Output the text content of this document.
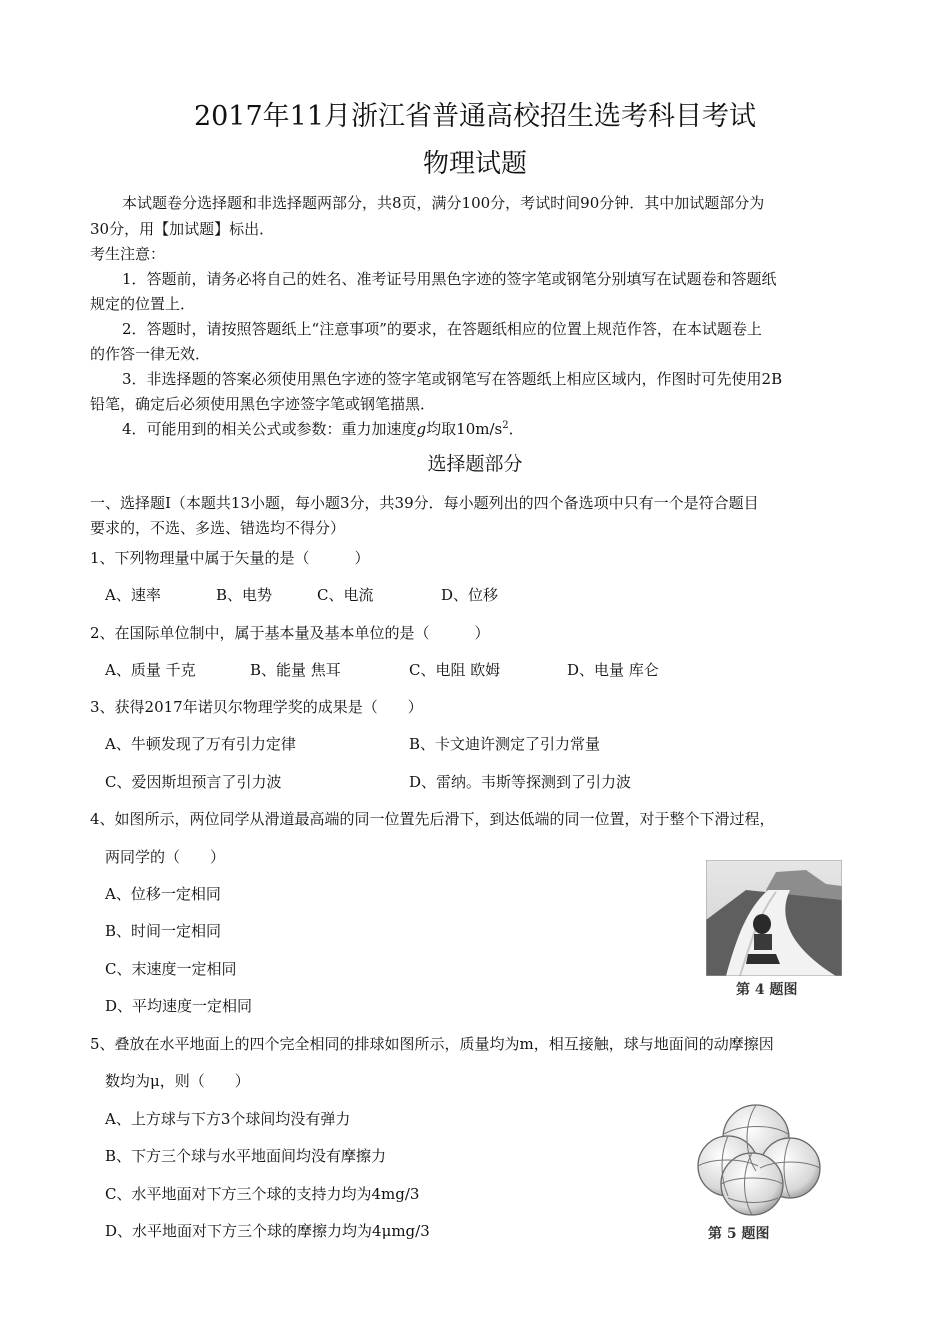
2017年11月浙江省普通高校招生选考科目考试
物理试题
本试题卷分选择题和非选择题两部分，共8页，满分100分，考试时间90分钟．其中加试题部分为
30分，用【加试题】标出．
考生注意：
1．答题前，请务必将自己的姓名、准考证号用黑色字迹的签字笔或钢笔分别填写在试题卷和答题纸
规定的位置上．
2．答题时，请按照答题纸上“注意事项”的要求，在答题纸相应的位置上规范作答，在本试题卷上
的作答一律无效．
3．非选择题的答案必须使用黑色字迹的签字笔或钢笔写在答题纸上相应区域内，作图时可先使用2B
铅笔，确定后必须使用黑色字迹签字笔或钢笔描黑．
4．可能用到的相关公式或参数：重力加速度g均取$10m/s^2$．
选择题部分
一、选择题Ⅰ（本题共13小题，每小题3分，共39分．每小题列出的四个备选项中只有一个是符合题目
要求的，不选、多选、错选均不得分）
1、下列物理量中属于矢量的是（　　　）
A、速率	B、电势	C、电流	D、位移
2、在国际单位制中，属于基本量及基本单位的是（　　　）
A、质量 千克	B、能量 焦耳	C、电阻 欧姆	D、电量 库仑
3、获得2017年诺贝尔物理学奖的成果是（　　）
A、牛顿发现了万有引力定律	B、卡文迪许测定了引力常量
C、爱因斯坦预言了引力波	D、雷纳。韦斯等探测到了引力波
4、如图所示，两位同学从滑道最高端的同一位置先后滑下，到达低端的同一位置，对于整个下滑过程，
两同学的（　　）
A、位移一定相同
B、时间一定相同
C、末速度一定相同
D、平均速度一定相同
第 4 题图
5、叠放在水平地面上的四个完全相同的排球如图所示，质量均为m，相互接触，球与地面间的动摩擦因
数均为μ，则（　　）
A、上方球与下方3个球间均没有弹力
B、下方三个球与水平地面间均没有摩擦力
C、水平地面对下方三个球的支持力均为4mg/3
D、水平地面对下方三个球的摩擦力均为4μmg/3	第 5 题图
